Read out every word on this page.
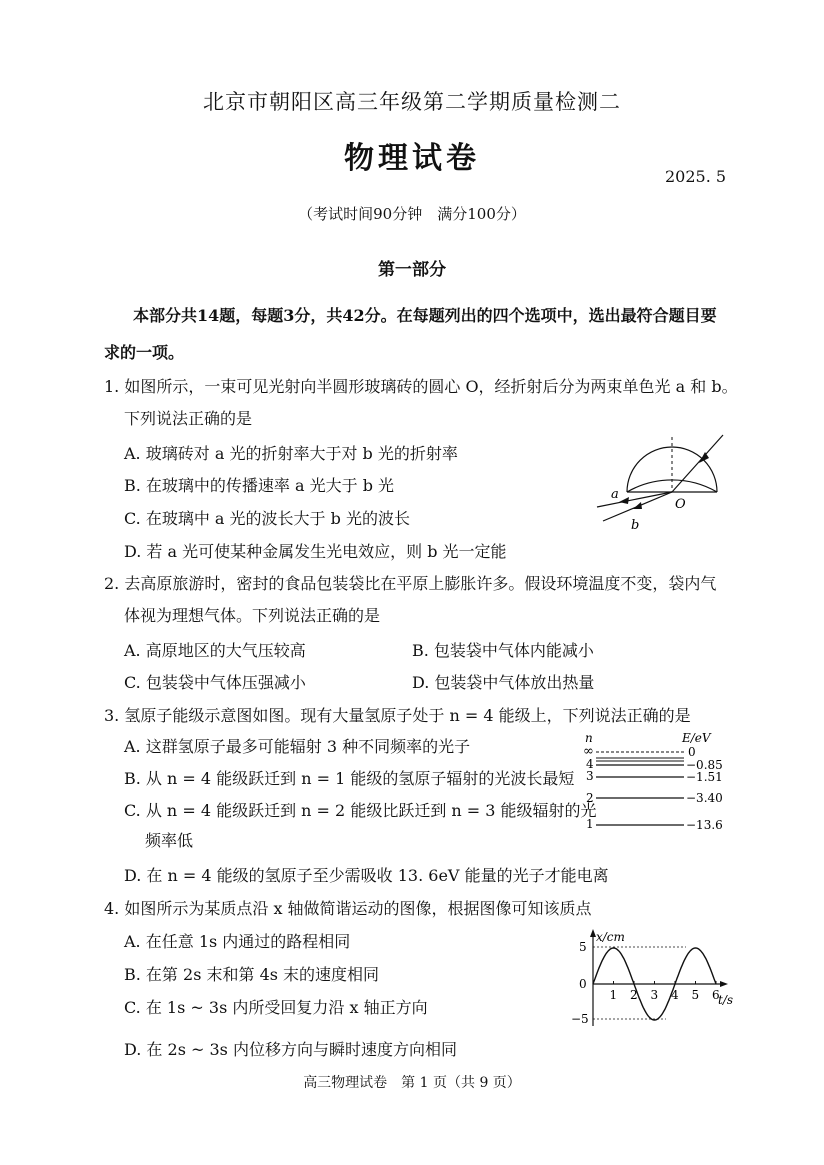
北京市朝阳区高三年级第二学期质量检测二
物理试卷
2025. 5
（考试时间90分钟　满分100分）
第一部分
本部分共14题，每题3分，共42分。在每题列出的四个选项中，选出最符合题目要
求的一项。
1. 如图所示，一束可见光射向半圆形玻璃砖的圆心 O，经折射后分为两束单色光 a 和 b。
下列说法正确的是
A. 玻璃砖对 a 光的折射率大于对 b 光的折射率
B. 在玻璃中的传播速率 a 光大于 b 光
C. 在玻璃中 a 光的波长大于 b 光的波长
D. 若 a 光可使某种金属发生光电效应，则 b 光一定能
a
b
O
2. 去高原旅游时，密封的食品包装袋比在平原上膨胀许多。假设环境温度不变，袋内气
体视为理想气体。下列说法正确的是
A. 高原地区的大气压较高	B. 包装袋中气体内能减小
C. 包装袋中气体压强减小	D. 包装袋中气体放出热量
3. 氢原子能级示意图如图。现有大量氢原子处于 n = 4 能级上，下列说法正确的是
A. 这群氢原子最多可能辐射 3 种不同频率的光子
B. 从 n = 4 能级跃迁到 n = 1 能级的氢原子辐射的光波长最短
C. 从 n = 4 能级跃迁到 n = 2 能级比跃迁到 n = 3 能级辐射的光
频率低
D. 在 n = 4 能级的氢原子至少需吸收 13. 6eV 能量的光子才能电离
n	E/eV
∞	0
4	−0.85
3	−1.51
2	−3.40
1	−13.6
4. 如图所示为某质点沿 x 轴做简谐运动的图像，根据图像可知该质点
A. 在任意 1s 内通过的路程相同
B. 在第 2s 末和第 4s 末的速度相同
C. 在 1s ~ 3s 内所受回复力沿 x 轴正方向
D. 在 2s ~ 3s 内位移方向与瞬时速度方向相同
x/cm
t/s
5
0
−5
1 2 3 4 5 6
高三物理试卷　第 1 页（共 9 页）
